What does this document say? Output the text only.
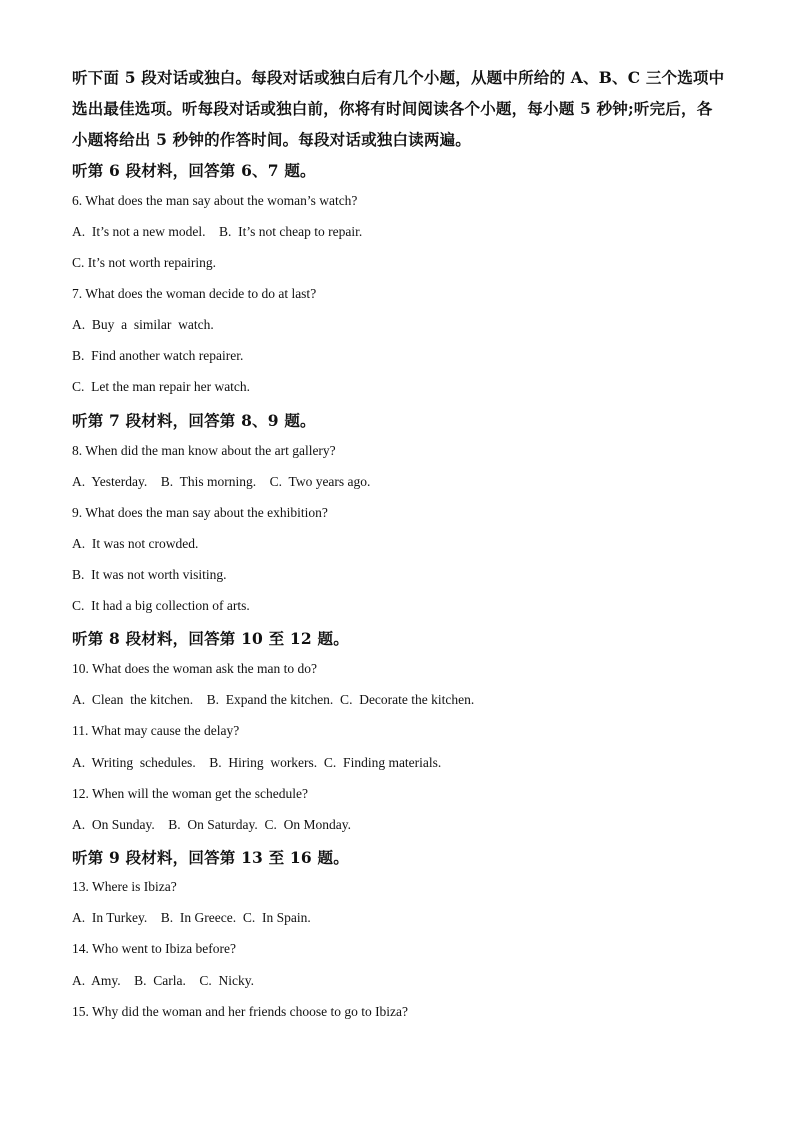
听下面 5 段对话或独白。每段对话或独白后有几个小题，从题中所给的 A、B、C 三个选项中
选出最佳选项。听每段对话或独白前，你将有时间阅读各个小题，每小题 5 秒钟;听完后，各
小题将给出 5 秒钟的作答时间。每段对话或独白读两遍。
听第 6 段材料，回答第 6、7 题。
6. What does the man say about the woman’s watch?
A.  It’s not a new model.    B.  It’s not cheap to repair.
C. It’s not worth repairing.
7. What does the woman decide to do at last?
A.  Buy  a  similar  watch.
B.  Find another watch repairer.
C.  Let the man repair her watch.
听第 7 段材料，回答第 8、9 题。
8. When did the man know about the art gallery?
A.  Yesterday.    B.  This morning.    C.  Two years ago.
9. What does the man say about the exhibition?
A.  It was not crowded.
B.  It was not worth visiting.
C.  It had a big collection of arts.
听第 8 段材料，回答第 10 至 12 题。
10. What does the woman ask the man to do?
A.  Clean  the kitchen.    B.  Expand the kitchen.  C.  Decorate the kitchen.
11. What may cause the delay?
A.  Writing  schedules.    B.  Hiring  workers.  C.  Finding materials.
12. When will the woman get the schedule?
A.  On Sunday.    B.  On Saturday.  C.  On Monday.
听第 9 段材料，回答第 13 至 16 题。
13. Where is Ibiza?
A.  In Turkey.    B.  In Greece.  C.  In Spain.
14. Who went to Ibiza before?
A.  Amy.    B.  Carla.    C.  Nicky.
15. Why did the woman and her friends choose to go to Ibiza?
